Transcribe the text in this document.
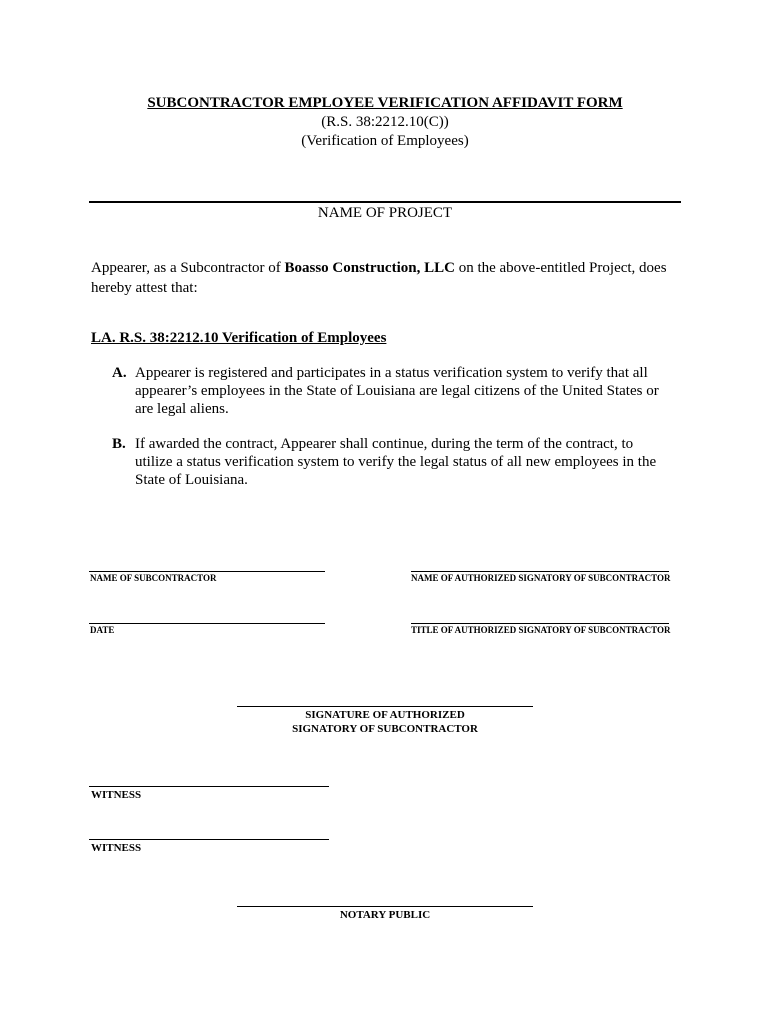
SUBCONTRACTOR EMPLOYEE VERIFICATION AFFIDAVIT FORM
(R.S. 38:2212.10(C))
(Verification of Employees)
NAME OF PROJECT
Appearer, as a Subcontractor of Boasso Construction, LLC on the above-entitled Project, does hereby attest that:
LA. R.S. 38:2212.10 Verification of Employees
A. Appearer is registered and participates in a status verification system to verify that all appearer’s employees in the State of Louisiana are legal citizens of the United States or are legal aliens.
B. If awarded the contract, Appearer shall continue, during the term of the contract, to utilize a status verification system to verify the legal status of all new employees in the State of Louisiana.
NAME OF SUBCONTRACTOR	NAME OF AUTHORIZED SIGNATORY OF SUBCONTRACTOR
DATE	TITLE OF AUTHORIZED SIGNATORY OF SUBCONTRACTOR
SIGNATURE OF AUTHORIZED
SIGNATORY OF SUBCONTRACTOR
WITNESS
WITNESS
NOTARY PUBLIC
